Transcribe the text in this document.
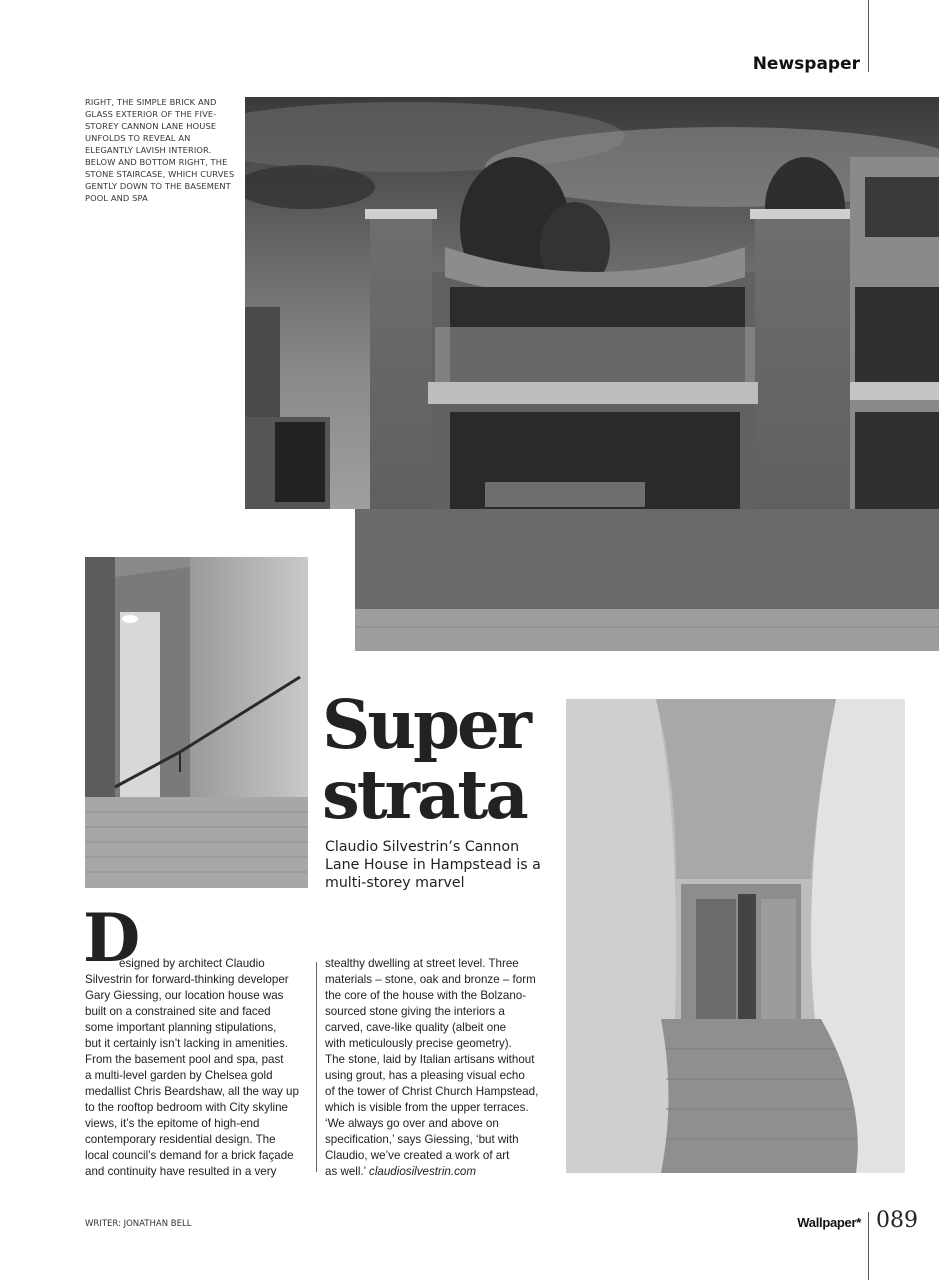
Newspaper
RIGHT, THE SIMPLE BRICK AND GLASS EXTERIOR OF THE FIVE-STOREY CANNON LANE HOUSE UNFOLDS TO REVEAL AN ELEGANTLY LAVISH INTERIOR. BELOW AND BOTTOM RIGHT, THE STONE STAIRCASE, WHICH CURVES GENTLY DOWN TO THE BASEMENT POOL AND SPA
Super
strata
Claudio Silvestrin’s Cannon Lane House in Hampstead is a multi-storey marvel
D
esigned by architect Claudio
Silvestrin for forward-thinking developer
Gary Giessing, our location house was
built on a constrained site and faced
some important planning stipulations,
but it certainly isn’t lacking in amenities.
From the basement pool and spa, past
a multi-level garden by Chelsea gold
medallist Chris Beardshaw, all the way up
to the rooftop bedroom with City skyline
views, it’s the epitome of high-end
contemporary residential design. The
local council’s demand for a brick façade
and continuity have resulted in a very
stealthy dwelling at street level. Three
materials – stone, oak and bronze – form
the core of the house with the Bolzano-
sourced stone giving the interiors a
carved, cave-like quality (albeit one
with meticulously precise geometry).
The stone, laid by Italian artisans without
using grout, has a pleasing visual echo
of the tower of Christ Church Hampstead,
which is visible from the upper terraces.
‘We always go over and above on
specification,’ says Giessing, ‘but with
Claudio, we’ve created a work of art
as well.’ claudiosilvestrin.com
WRITER: JONATHAN BELL	Wallpaper* 089
